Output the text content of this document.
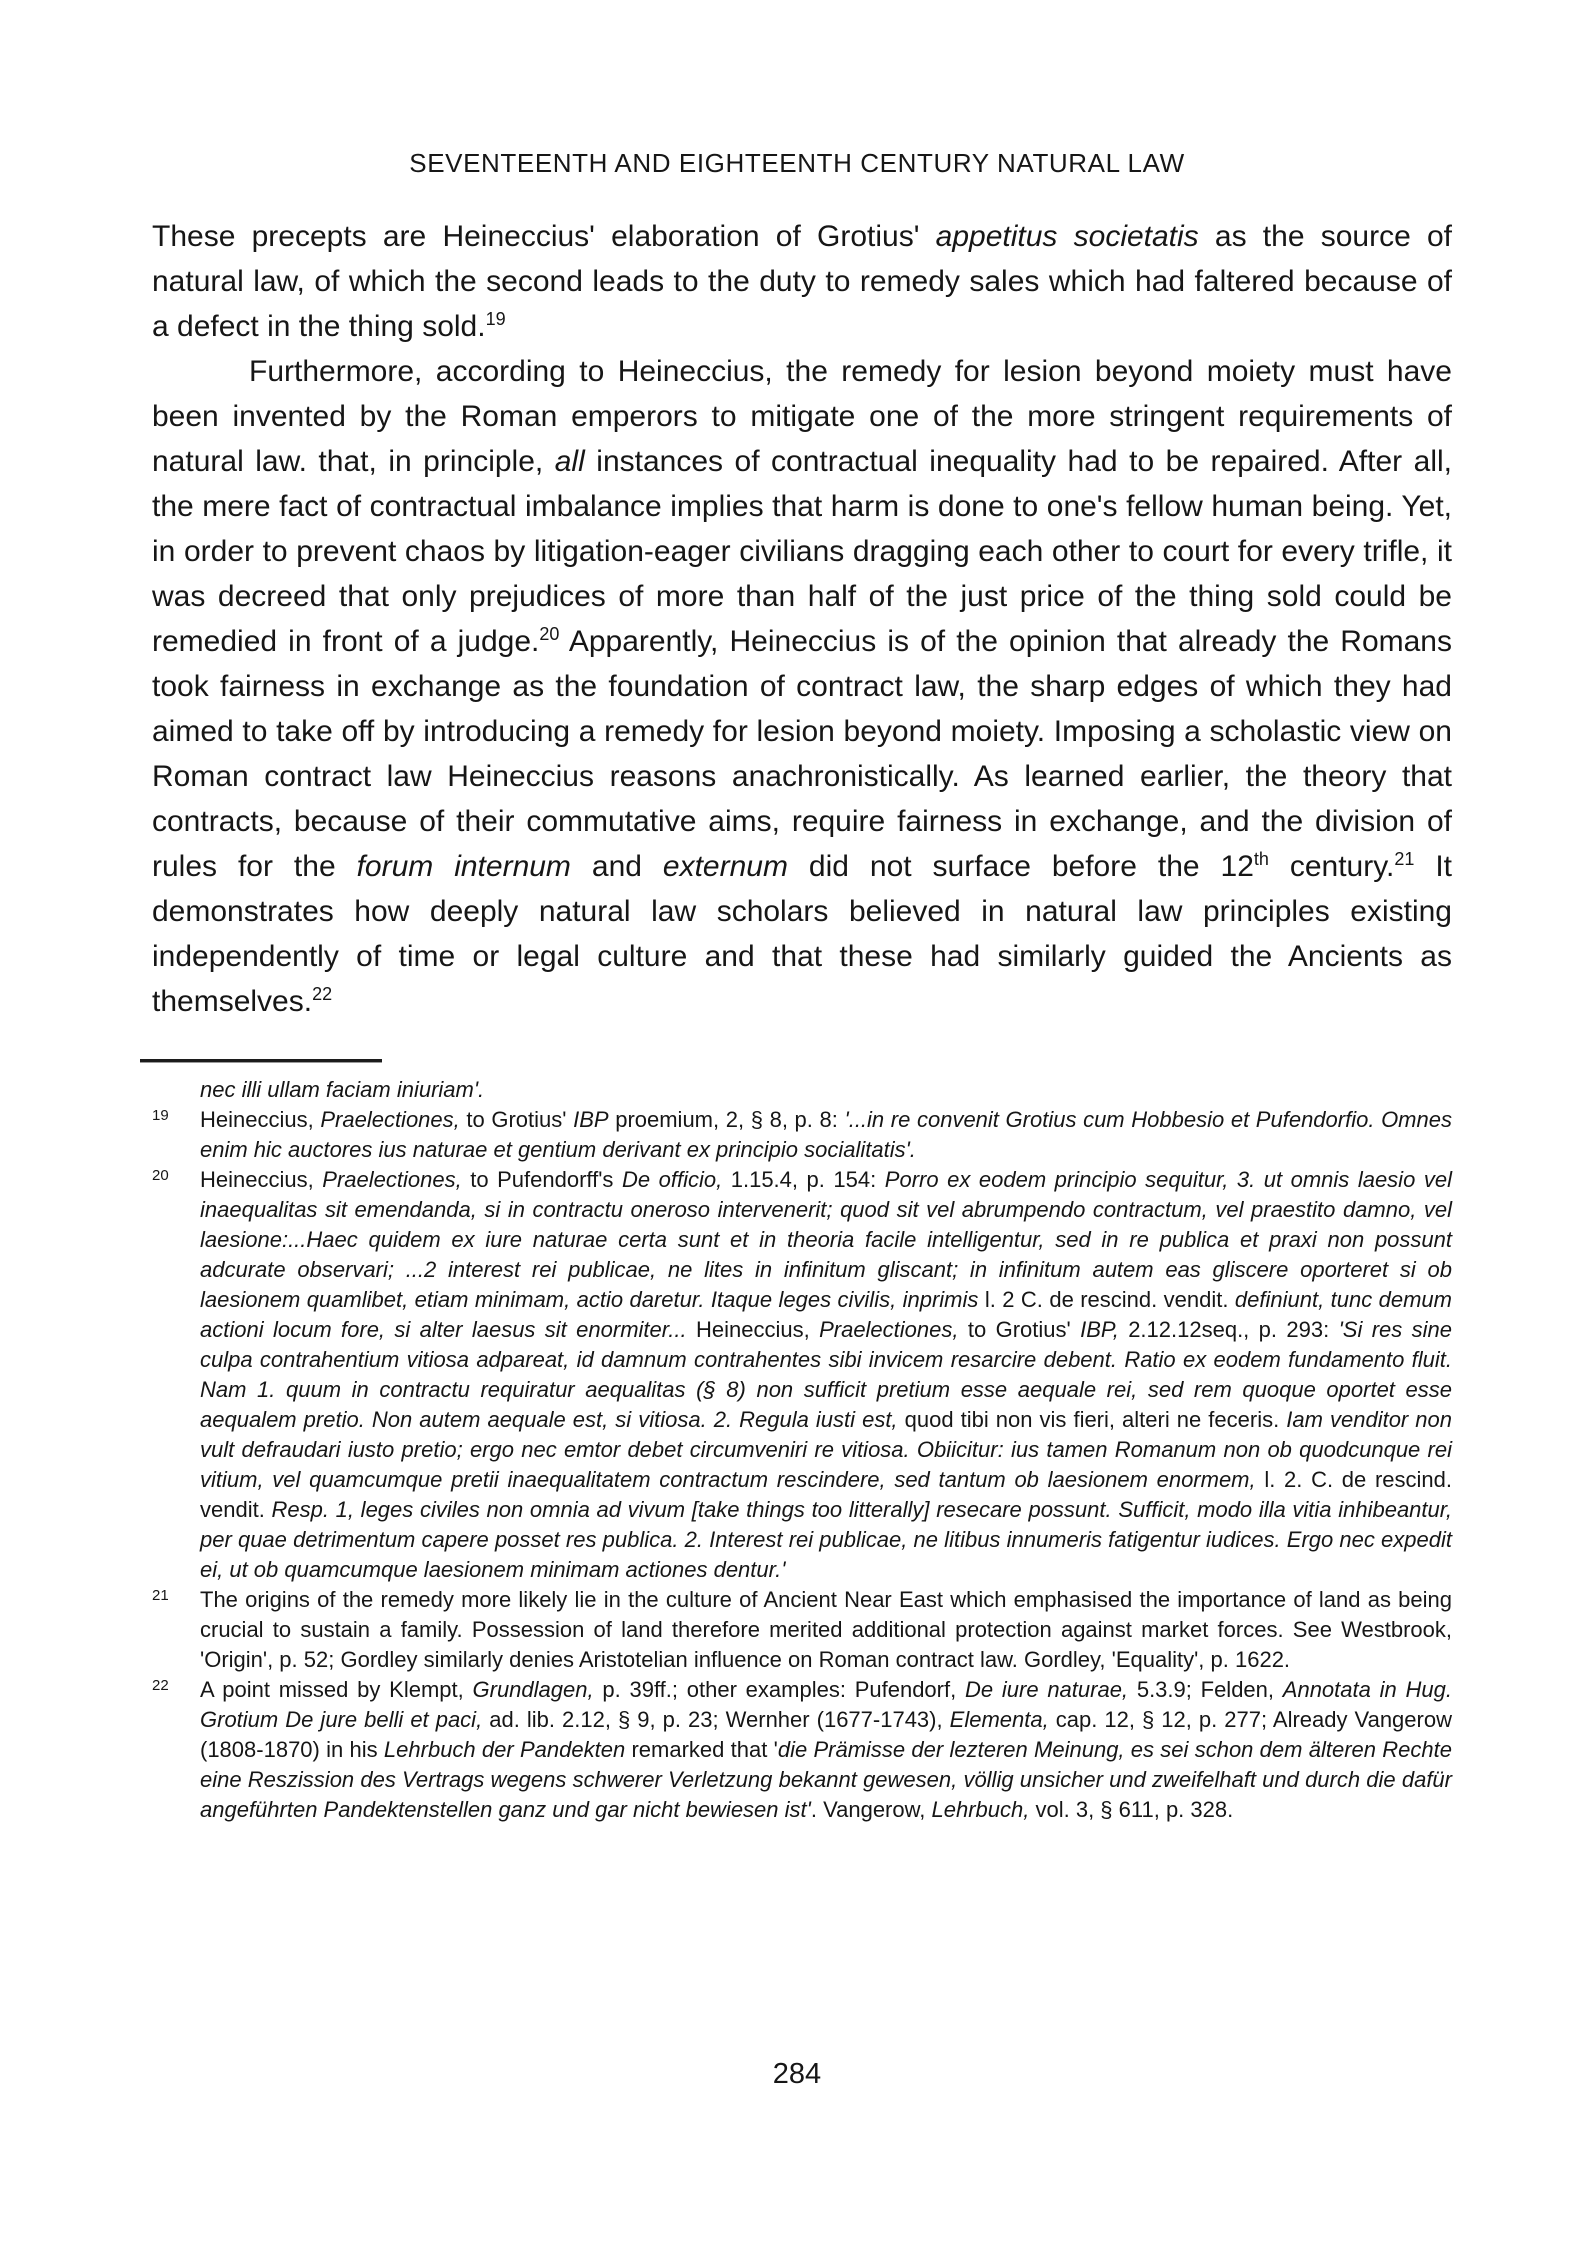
SEVENTEENTH AND EIGHTEENTH CENTURY NATURAL LAW

These precepts are Heineccius' elaboration of Grotius' appetitus societatis as the source of natural law, of which the second leads to the duty to remedy sales which had faltered because of a defect in the thing sold.$^{19}$

Furthermore, according to Heineccius, the remedy for lesion beyond moiety must have been invented by the Roman emperors to mitigate one of the more stringent requirements of natural law. that, in principle, all instances of contractual inequality had to be repaired. After all, the mere fact of contractual imbalance implies that harm is done to one's fellow human being. Yet, in order to prevent chaos by litigation-eager civilians dragging each other to court for every trifle, it was decreed that only prejudices of more than half of the just price of the thing sold could be remedied in front of a judge.$^{20}$ Apparently, Heineccius is of the opinion that already the Romans took fairness in exchange as the foundation of contract law, the sharp edges of which they had aimed to take off by introducing a remedy for lesion beyond moiety. Imposing a scholastic view on Roman contract law Heineccius reasons anachronistically. As learned earlier, the theory that contracts, because of their commutative aims, require fairness in exchange, and the division of rules for the forum internum and externum did not surface before the 12th century.$^{21}$ It demonstrates how deeply natural law scholars believed in natural law principles existing independently of time or legal culture and that these had similarly guided the Ancients as themselves.$^{22}$

nec illi ullam faciam iniuriam'.
19 Heineccius, Praelectiones, to Grotius' IBP proemium, 2, § 8, p. 8: '...in re convenit Grotius cum Hobbesio et Pufendorfio. Omnes enim hic auctores ius naturae et gentium derivant ex principio socialitatis'.
20 Heineccius, Praelectiones, to Pufendorff's De officio, 1.15.4, p. 154: Porro ex eodem principio sequitur, 3. ut omnis laesio vel inaequalitas sit emendanda, si in contractu oneroso intervenerit; quod sit vel abrumpendo contractum, vel praestito damno, vel laesione:...Haec quidem ex iure naturae certa sunt et in theoria facile intelligentur, sed in re publica et praxi non possunt adcurate observari; ...2 interest rei publicae, ne lites in infinitum gliscant; in infinitum autem eas gliscere oporteret si ob laesionem quamlibet, etiam minimam, actio daretur. Itaque leges civilis, inprimis l. 2 C. de rescind. vendit. definiunt, tunc demum actioni locum fore, si alter laesus sit enormiter... Heineccius, Praelectiones, to Grotius' IBP, 2.12.12seq., p. 293: 'Si res sine culpa contrahentium vitiosa adpareat, id damnum contrahentes sibi invicem resarcire debent. Ratio ex eodem fundamento fluit. Nam 1. quum in contractu requiratur aequalitas (§ 8) non sufficit pretium esse aequale rei, sed rem quoque oportet esse aequalem pretio. Non autem aequale est, si vitiosa. 2. Regula iusti est, quod tibi non vis fieri, alteri ne feceris. Iam venditor non vult defraudari iusto pretio; ergo nec emtor debet circumveniri re vitiosa. Obiicitur: ius tamen Romanum non ob quodcunque rei vitium, vel quamcumque pretii inaequalitatem contractum rescindere, sed tantum ob laesionem enormem, l. 2. C. de rescind. vendit. Resp. 1, leges civiles non omnia ad vivum [take things too litterally] resecare possunt. Sufficit, modo illa vitia inhibeantur, per quae detrimentum capere posset res publica. 2. Interest rei publicae, ne litibus innumeris fatigentur iudices. Ergo nec expedit ei, ut ob quamcumque laesionem minimam actiones dentur.'
21 The origins of the remedy more likely lie in the culture of Ancient Near East which emphasised the importance of land as being crucial to sustain a family. Possession of land therefore merited additional protection against market forces. See Westbrook, 'Origin', p. 52; Gordley similarly denies Aristotelian influence on Roman contract law. Gordley, 'Equality', p. 1622.
22 A point missed by Klempt, Grundlagen, p. 39ff.; other examples: Pufendorf, De iure naturae, 5.3.9; Felden, Annotata in Hug. Grotium De jure belli et paci, ad. lib. 2.12, § 9, p. 23; Wernher (1677-1743), Elementa, cap. 12, § 12, p. 277; Already Vangerow (1808-1870) in his Lehrbuch der Pandekten remarked that 'die Prämisse der lezteren Meinung, es sei schon dem älteren Rechte eine Reszission des Vertrags wegens schwerer Verletzung bekannt gewesen, völlig unsicher und zweifelhaft und durch die dafür angeführten Pandektenstellen ganz und gar nicht bewiesen ist'. Vangerow, Lehrbuch, vol. 3, § 611, p. 328.
284
